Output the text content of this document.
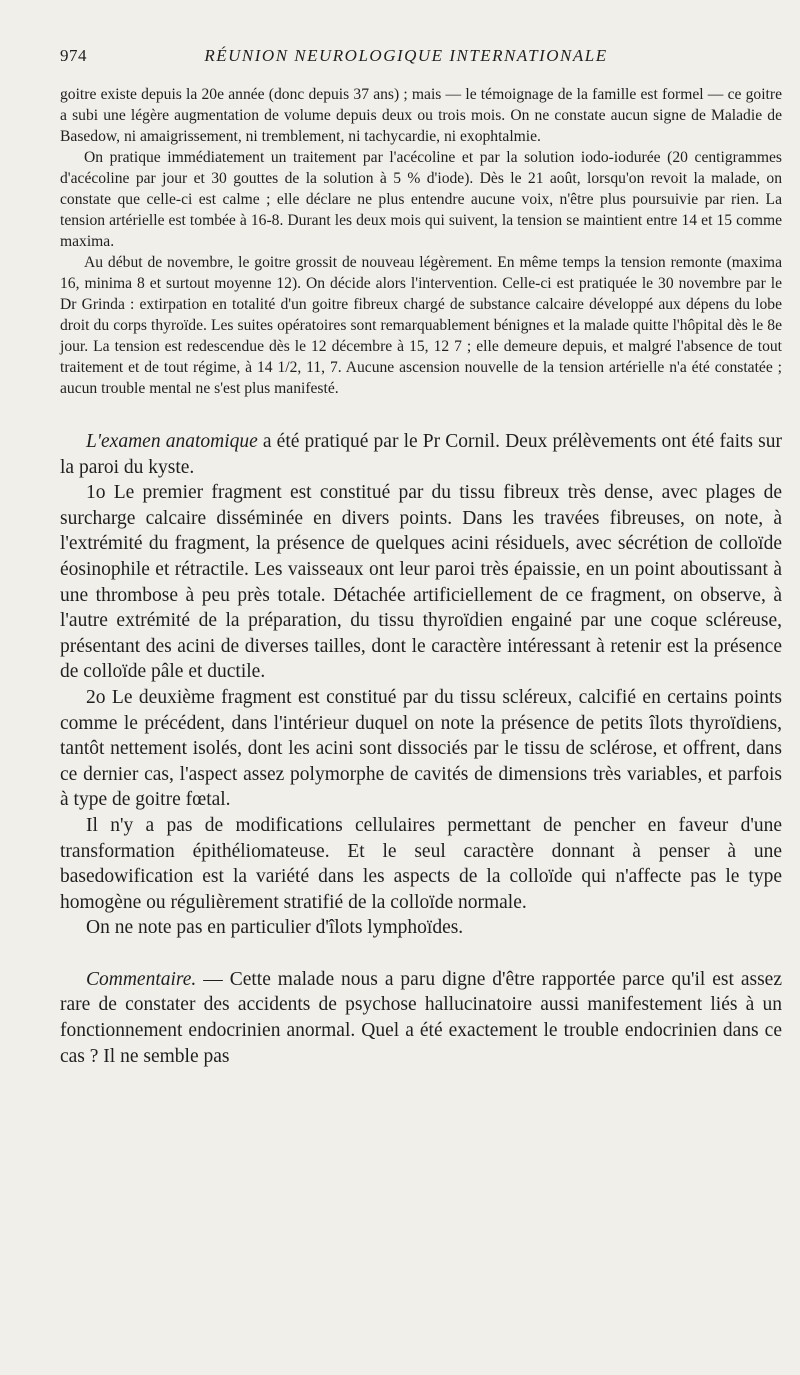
974	RÉUNION NEUROLOGIQUE INTERNATIONALE

goitre existe depuis la 20e année (donc depuis 37 ans) ; mais — le témoignage de la famille est formel — ce goitre a subi une légère augmentation de volume depuis deux ou trois mois. On ne constate aucun signe de Maladie de Basedow, ni amaigrissement, ni tremblement, ni tachycardie, ni exophtalmie.

On pratique immédiatement un traitement par l'acécoline et par la solution iodo-iodurée (20 centigrammes d'acécoline par jour et 30 gouttes de la solution à 5 % d'iode). Dès le 21 août, lorsqu'on revoit la malade, on constate que celle-ci est calme ; elle déclare ne plus entendre aucune voix, n'être plus poursuivie par rien. La tension artérielle est tombée à 16-8. Durant les deux mois qui suivent, la tension se maintient entre 14 et 15 comme maxima.

Au début de novembre, le goitre grossit de nouveau légèrement. En même temps la tension remonte (maxima 16, minima 8 et surtout moyenne 12). On décide alors l'intervention. Celle-ci est pratiquée le 30 novembre par le Dr Grinda : extirpation en totalité d'un goitre fibreux chargé de substance calcaire développé aux dépens du lobe droit du corps thyroïde. Les suites opératoires sont remarquablement bénignes et la malade quitte l'hôpital dès le 8e jour. La tension est redescendue dès le 12 décembre à 15, 12 7 ; elle demeure depuis, et malgré l'absence de tout traitement et de tout régime, à 14 1/2, 11, 7. Aucune ascension nouvelle de la tension artérielle n'a été constatée ; aucun trouble mental ne s'est plus manifesté.

L'examen anatomique a été pratiqué par le Pr Cornil. Deux prélèvements ont été faits sur la paroi du kyste.

1o Le premier fragment est constitué par du tissu fibreux très dense, avec plages de surcharge calcaire disséminée en divers points. Dans les travées fibreuses, on note, à l'extrémité du fragment, la présence de quelques acini résiduels, avec sécrétion de colloïde éosinophile et rétractile. Les vaisseaux ont leur paroi très épaissie, en un point aboutissant à une thrombose à peu près totale. Détachée artificiellement de ce fragment, on observe, à l'autre extrémité de la préparation, du tissu thyroïdien engainé par une coque scléreuse, présentant des acini de diverses tailles, dont le caractère intéressant à retenir est la présence de colloïde pâle et ductile.

2o Le deuxième fragment est constitué par du tissu scléreux, calcifié en certains points comme le précédent, dans l'intérieur duquel on note la présence de petits îlots thyroïdiens, tantôt nettement isolés, dont les acini sont dissociés par le tissu de sclérose, et offrent, dans ce dernier cas, l'aspect assez polymorphe de cavités de dimensions très variables, et parfois à type de goitre fœtal.

Il n'y a pas de modifications cellulaires permettant de pencher en faveur d'une transformation épithéliomateuse. Et le seul caractère donnant à penser à une basedowification est la variété dans les aspects de la colloïde qui n'affecte pas le type homogène ou régulièrement stratifié de la colloïde normale.

On ne note pas en particulier d'îlots lymphoïdes.

Commentaire. — Cette malade nous a paru digne d'être rapportée parce qu'il est assez rare de constater des accidents de psychose hallucinatoire aussi manifestement liés à un fonctionnement endocrinien anormal. Quel a été exactement le trouble endocrinien dans ce cas ? Il ne semble pas
